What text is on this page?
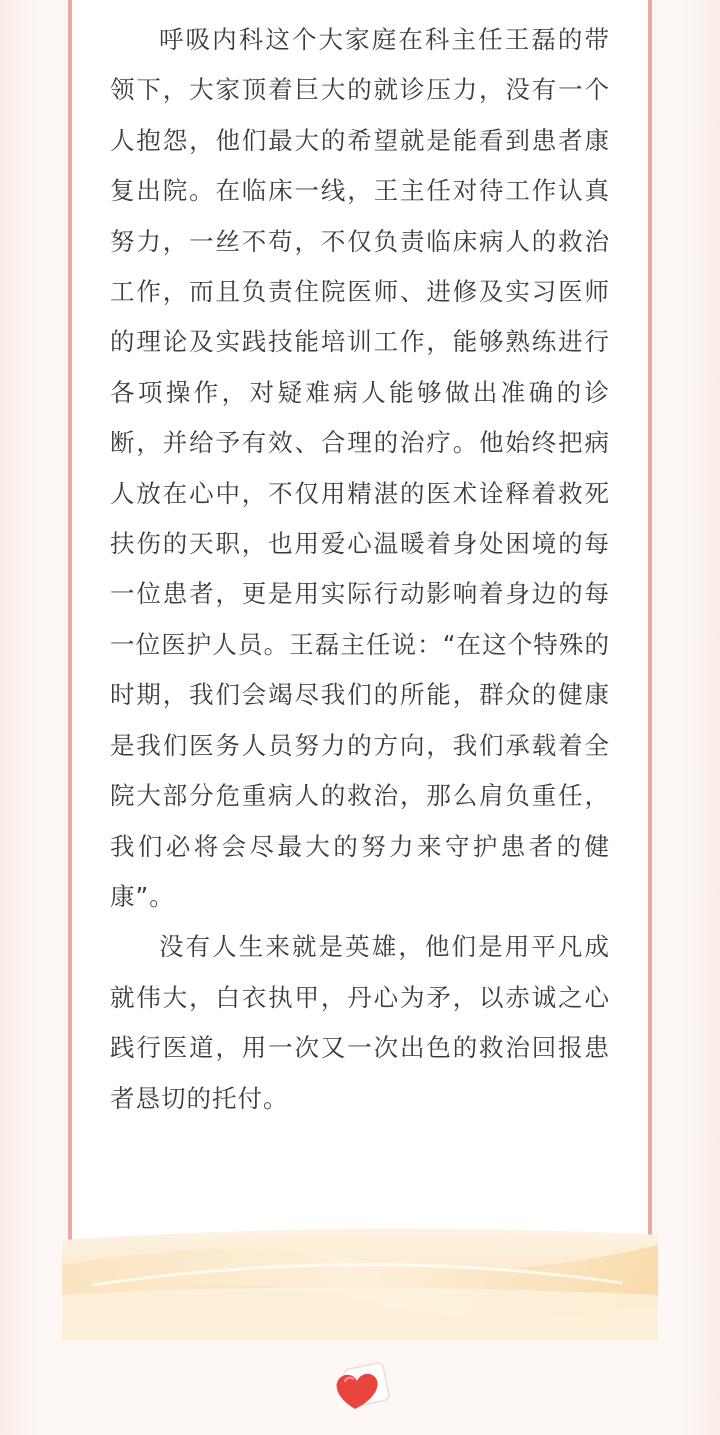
呼吸内科这个大家庭在科主任王磊的带领下，大家顶着巨大的就诊压力，没有一个人抱怨，他们最大的希望就是能看到患者康复出院。在临床一线，王主任对待工作认真努力，一丝不苟，不仅负责临床病人的救治工作，而且负责住院医师、进修及实习医师的理论及实践技能培训工作，能够熟练进行各项操作，对疑难病人能够做出准确的诊断，并给予有效、合理的治疗。他始终把病人放在心中，不仅用精湛的医术诠释着救死扶伤的天职，也用爱心温暖着身处困境的每一位患者，更是用实际行动影响着身边的每一位医护人员。王磊主任说：“在这个特殊的时期，我们会竭尽我们的所能，群众的健康是我们医务人员努力的方向，我们承载着全院大部分危重病人的救治，那么肩负重任，我们必将会尽最大的努力来守护患者的健康”。

没有人生来就是英雄，他们是用平凡成就伟大，白衣执甲，丹心为矛，以赤诚之心践行医道，用一次又一次出色的救治回报患者恳切的托付。
